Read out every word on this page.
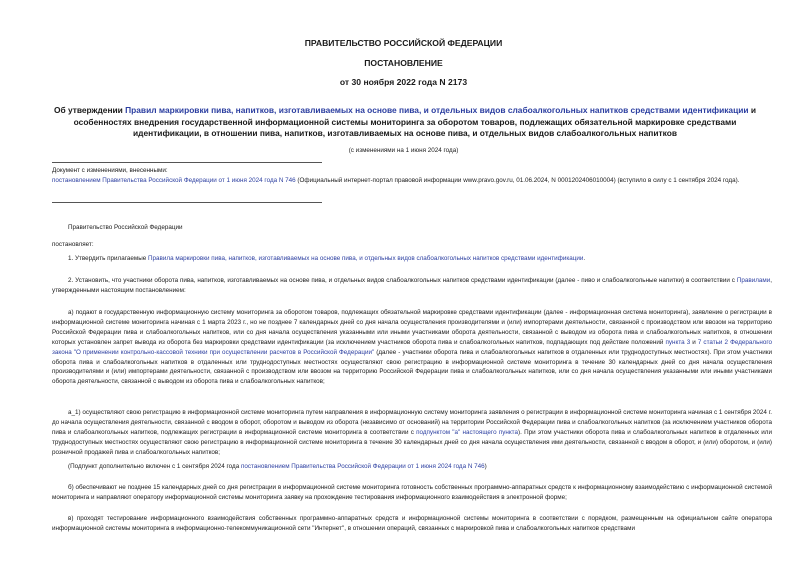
ПРАВИТЕЛЬСТВО РОССИЙСКОЙ ФЕДЕРАЦИИ
ПОСТАНОВЛЕНИЕ
от 30 ноября 2022 года N 2173
Об утверждении Правил маркировки пива, напитков, изготавливаемых на основе пива, и отдельных видов слабоалкогольных напитков средствами идентификации и особенностях внедрения государственной информационной системы мониторинга за оборотом товаров, подлежащих обязательной маркировке средствами идентификации, в отношении пива, напитков, изготавливаемых на основе пива, и отдельных видов слабоалкогольных напитков
(с изменениями на 1 июня 2024 года)
Документ с изменениями, внесенными:
постановлением Правительства Российской Федерации от 1 июня 2024 года N 746 (Официальный интернет-портал правовой информации www.pravo.gov.ru, 01.06.2024, N 0001202406010004) (вступило в силу с 1 сентября 2024 года).
Правительство Российской Федерации
постановляет:
1. Утвердить прилагаемые Правила маркировки пива, напитков, изготавливаемых на основе пива, и отдельных видов слабоалкогольных напитков средствами идентификации.
2. Установить, что участники оборота пива, напитков, изготавливаемых на основе пива, и отдельных видов слабоалкогольных напитков средствами идентификации (далее - пиво и слабоалкогольные напитки) в соответствии с Правилами, утвержденными настоящим постановлением:
а) подают в государственную информационную систему мониторинга за оборотом товаров, подлежащих обязательной маркировке средствами идентификации (далее - информационная система мониторинга), заявление о регистрации в информационной системе мониторинга начиная с 1 марта 2023 г., но не позднее 7 календарных дней со дня начала осуществления производителями и (или) импортерами деятельности, связанной с производством или ввозом на территорию Российской Федерации пива и слабоалкогольных напитков, или со дня начала осуществления указанными или иными участниками оборота деятельности, связанной с выводом из оборота пива и слабоалкогольных напитков, в отношении которых установлен запрет вывода из оборота без маркировки средствами идентификации (за исключением участников оборота пива и слабоалкогольных напитков, подпадающих под действие положений пункта 3 и 7 статьи 2 Федерального закона "О применении контрольно-кассовой техники при осуществлении расчетов в Российской Федерации" (далее - участники оборота пива и слабоалкогольных напитков в отдаленных или труднодоступных местностях). При этом участники оборота пива и слабоалкогольных напитков в отдаленных или труднодоступных местностях осуществляют свою регистрацию в информационной системе мониторинга в течение 30 календарных дней со дня начала осуществления производителями и (или) импортерами деятельности, связанной с производством или ввозом на территорию Российской Федерации пива и слабоалкогольных напитков, или со дня начала осуществления указанными или иными участниками оборота деятельности, связанной с выводом из оборота пива и слабоалкогольных напитков;
а_1) осуществляют свою регистрацию в информационной системе мониторинга путем направления в информационную систему мониторинга заявления о регистрации в информационной системе мониторинга начиная с 1 сентября 2024 г. до начала осуществления деятельности, связанной с вводом в оборот, оборотом и выводом из оборота (независимо от оснований) на территории Российской Федерации пива и слабоалкогольных напитков (за исключением участников оборота пива и слабоалкогольных напитков, подлежащих регистрации в информационной системе мониторинга в соответствии с подпунктом "а" настоящего пункта). При этом участники оборота пива и слабоалкогольных напитков в отдаленных или труднодоступных местностях осуществляют свою регистрацию в информационной системе мониторинга в течение 30 календарных дней со дня начала осуществления ими деятельности, связанной с вводом в оборот, и (или) оборотом, и (или) розничной продажей пива и слабоалкогольных напитков;
(Подпункт дополнительно включен с 1 сентября 2024 года постановлением Правительства Российской Федерации от 1 июня 2024 года N 746)
б) обеспечивают не позднее 15 календарных дней со дня регистрации в информационной системе мониторинга готовность собственных программно-аппаратных средств к информационному взаимодействию с информационной системой мониторинга и направляют оператору информационной системы мониторинга заявку на прохождение тестирования информационного взаимодействия в электронной форме;
в) проходят тестирование информационного взаимодействия собственных программно-аппаратных средств и информационной системы мониторинга в соответствии с порядком, размещенным на официальном сайте оператора информационной системы мониторинга в информационно-телекоммуникационной сети "Интернет", в отношении операций, связанных с маркировкой пива и слабоалкогольных напитков средствами
